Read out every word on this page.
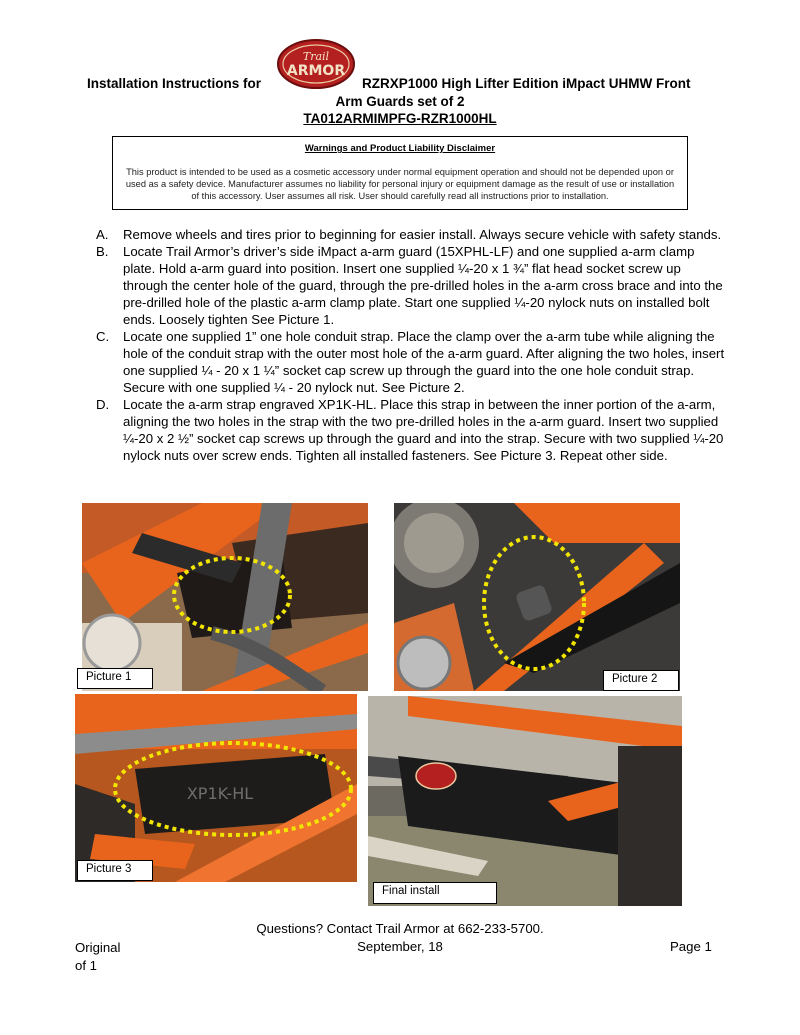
Installation Instructions for
Trail
ARMOR
RZRXP1000 High Lifter Edition iMpact UHMW Front
Arm Guards set of 2
TA012ARMIMPFG-RZR1000HL
Warnings and Product Liability Disclaimer
This product is intended to be used as a cosmetic accessory under normal equipment operation and should not be depended upon or used as a safety device. Manufacturer assumes no liability for personal injury or equipment damage as the result of use or installation of this accessory. User assumes all risk. User should carefully read all instructions prior to installation.

A. Remove wheels and tires prior to beginning for easier install. Always secure vehicle with safety stands.

B. Locate Trail Armor’s driver’s side iMpact a-arm guard (15XPHL-LF) and one supplied a-arm clamp plate. Hold a-arm guard into position. Insert one supplied ¼-20 x 1 ¾” flat head socket screw up through the center hole of the guard, through the pre-drilled holes in the a-arm cross brace and into the pre-drilled hole of the plastic a-arm clamp plate. Start one supplied ¼-20 nylock nuts on installed bolt ends. Loosely tighten See Picture 1.

C. Locate one supplied 1” one hole conduit strap. Place the clamp over the a-arm tube while aligning the hole of the conduit strap with the outer most hole of the a-arm guard. After aligning the two holes, insert one supplied ¼ - 20 x 1 ¼” socket cap screw up through the guard into the one hole conduit strap. Secure with one supplied ¼ - 20 nylock nut. See Picture 2.

D. Locate the a-arm strap engraved XP1K-HL. Place this strap in between the inner portion of the a-arm, aligning the two holes in the strap with the two pre-drilled holes in the a-arm guard. Insert two supplied ¼-20 x 2 ½” socket cap screws up through the guard and into the strap. Secure with two supplied ¼-20 nylock nuts over screw ends. Tighten all installed fasteners. See Picture 3. Repeat other side.

Picture 1	Picture 2
XP1K-HL
Picture 3
Final install
Questions? Contact Trail Armor at 662-233-5700.
Original
of 1
September, 18	Page 1
